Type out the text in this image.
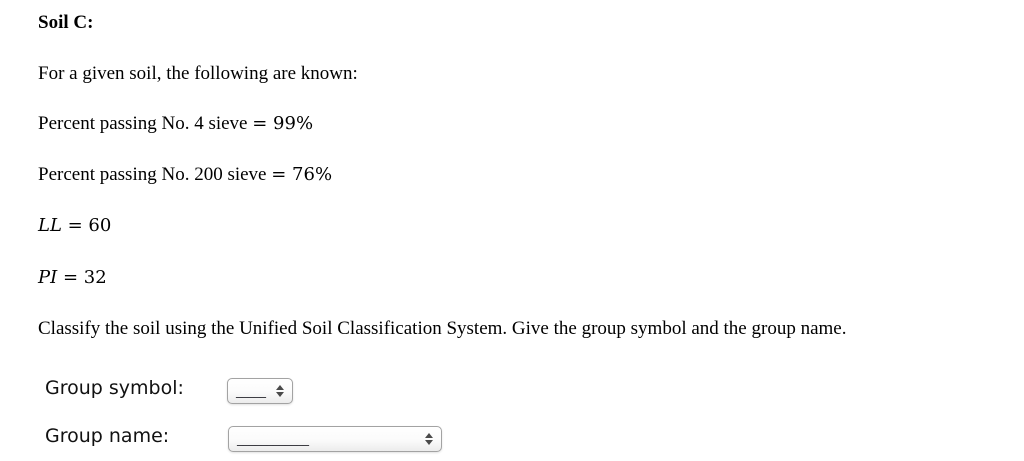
Soil C:
For a given soil, the following are known:
Percent passing No. 4 sieve = 99%
Percent passing No. 200 sieve = 76%
LL = 60
PI = 32
Classify the soil using the Unified Soil Classification System. Give the group symbol and the group name.
Group symbol:	_____
Group name:	____________
